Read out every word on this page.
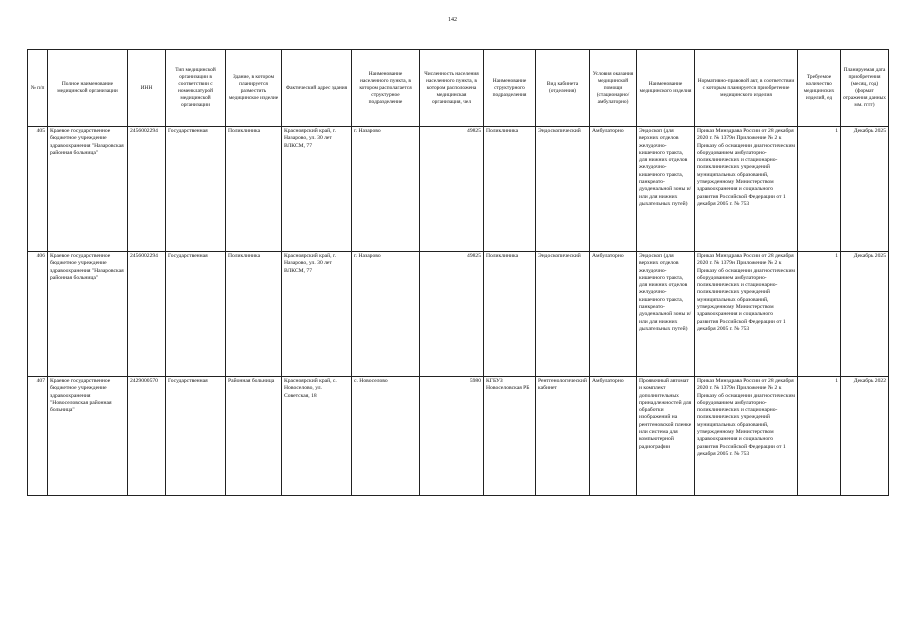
142
№ п/п	Полное наименование медицинской организации	ИНН	Тип медицинской организации в соответствии с номенклатурой медицинской организации	Здание, в котором планируется разместить медицинское изделие	Фактический адрес здания	Наименование населенного пункта, в котором располагается структурное подразделение	Численность населения населенного пункта, в котором расположена медицинская организация, чел	Наименование структурного подразделения	Вид кабинета (отделения)	Условия оказания медицинской помощи (стационарно/ амбулаторно)	Наименование медицинского изделия	Нормативно-правовой акт, в соответствии с которым планируется приобретение медицинского изделия	Требуемое количество медицинских изделий, ед	Планируемая дата приобретения (месяц, год) (формат отражения данных мм. гггг)
405	Краевое государственное бюджетное учреждение здравоохранения "Назаровская районная больница"	2456002294	Государственная	Поликлиника	Красноярский край, г. Назарово, ул. 30 лет ВЛКСМ, 77	г. Назарово	49825	Поликлиника	Эндоскопический	Амбулаторно	Эндоскоп (для верхних отделов желудочно-кишечного тракта, для нижних отделов желудочно-кишечного тракта, панкреато-дуоденальной зоны и/или для нижних дыхательных путей)	Приказ Минздрава России от 28 декабря 2020 г. № 1379н Приложение № 2 к Приказу об оснащении диагностическим оборудованием амбулаторно-поликлинических и стационарно-поликлинических учреждений муниципальных образований, утвержденному Министерством здравоохранения и социального развития Российской Федерации от 1 декабря 2005 г. № 753	1	Декабрь 2025
406	Краевое государственное бюджетное учреждение здравоохранения "Назаровская районная больница"	2456002294	Государственная	Поликлиника	Красноярский край, г. Назарово, ул. 30 лет ВЛКСМ, 77	г. Назарово	49825	Поликлиника	Эндоскопический	Амбулаторно	Эндоскоп (для верхних отделов желудочно-кишечного тракта, для нижних отделов желудочно-кишечного тракта, панкреато-дуоденальной зоны и/или для нижних дыхательных путей)	Приказ Минздрава России от 28 декабря 2020 г. № 1379н Приложение № 2 к Приказу об оснащении диагностическим оборудованием амбулаторно-поликлинических и стационарно-поликлинических учреждений муниципальных образований, утвержденному Министерством здравоохранения и социального развития Российской Федерации от 1 декабря 2005 г. № 753	1	Декабрь 2025
407	Краевое государственное бюджетное учреждение здравоохранения "Новоселовская районная больница"	2429000570	Государственная	Районная больница	Красноярский край, с. Новоселово, ул. Советская, 18	с. Новоселово	5980	КГБУЗ Новоселовская РБ	Рентгенологический кабинет	Амбулаторно	Проявочный автомат и комплект дополнительных принадлежностей для обработки изображений на рентгеновской пленке или система для компьютерной радиографии	Приказ Минздрава России от 28 декабря 2020 г. № 1379н Приложение № 2 к Приказу об оснащении диагностическим оборудованием амбулаторно-поликлинических и стационарно-поликлинических учреждений муниципальных образований, утвержденному Министерством здравоохранения и социального развития Российской Федерации от 1 декабря 2005 г. № 753	1	Декабрь 2022
